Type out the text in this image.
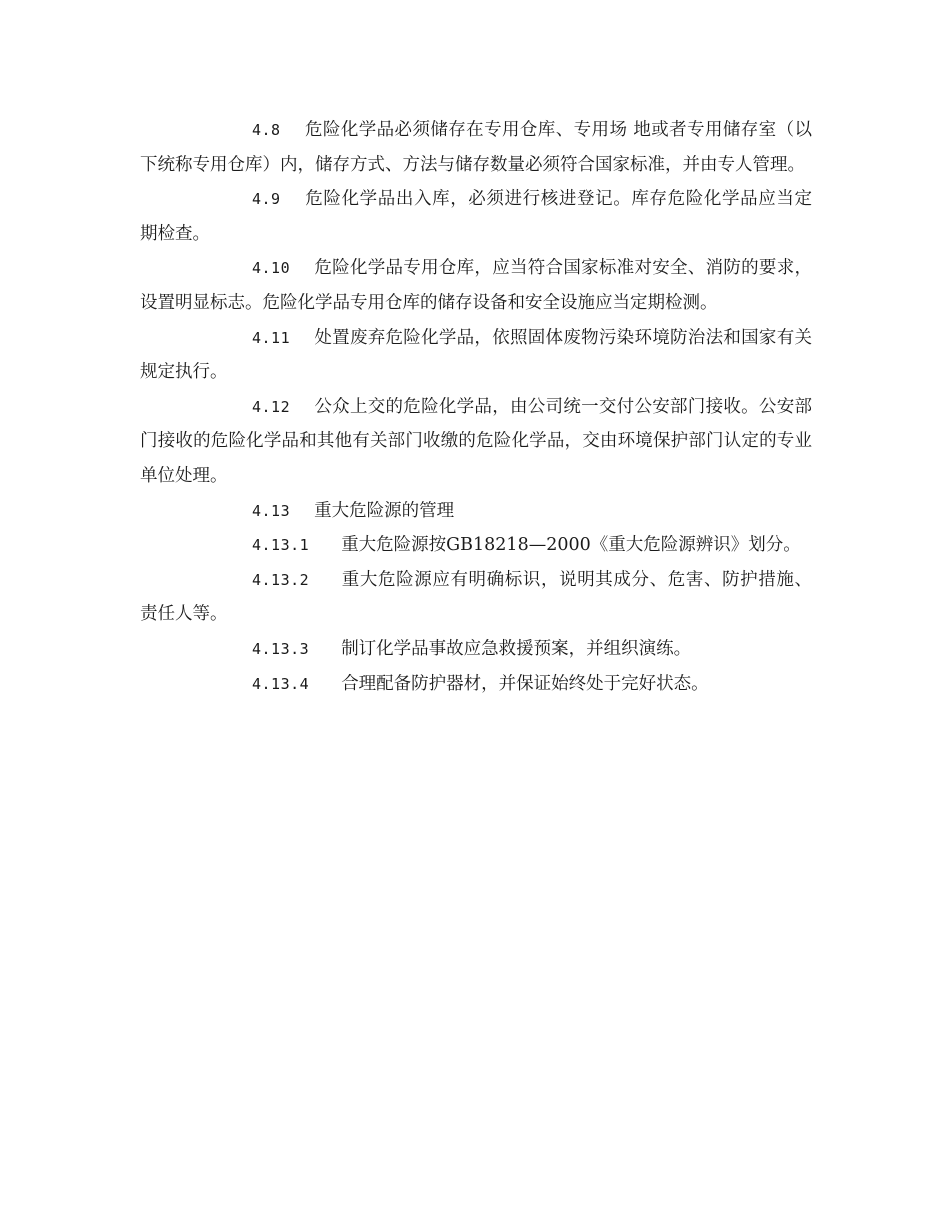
4.8 危险化学品必须储存在专用仓库、专用场 地或者专用储存室（以下统称专用仓库）内，储存方式、方法与储存数量必须符合国家标准，并由专人管理。

4.9 危险化学品出入库，必须进行核进登记。库存危险化学品应当定期检查。

4.10 危险化学品专用仓库，应当符合国家标准对安全、消防的要求，设置明显标志。危险化学品专用仓库的储存设备和安全设施应当定期检测。

4.11 处置废弃危险化学品，依照固体废物污染环境防治法和国家有关规定执行。

4.12 公众上交的危险化学品，由公司统一交付公安部门接收。公安部门接收的危险化学品和其他有关部门收缴的危险化学品，交由环境保护部门认定的专业单位处理。

4.13 重大危险源的管理

4.13.1 重大危险源按GB18218—2000《重大危险源辨识》划分。

4.13.2 重大危险源应有明确标识，说明其成分、危害、防护措施、责任人等。

4.13.3 制订化学品事故应急救援预案，并组织演练。

4.13.4 合理配备防护器材，并保证始终处于完好状态。
